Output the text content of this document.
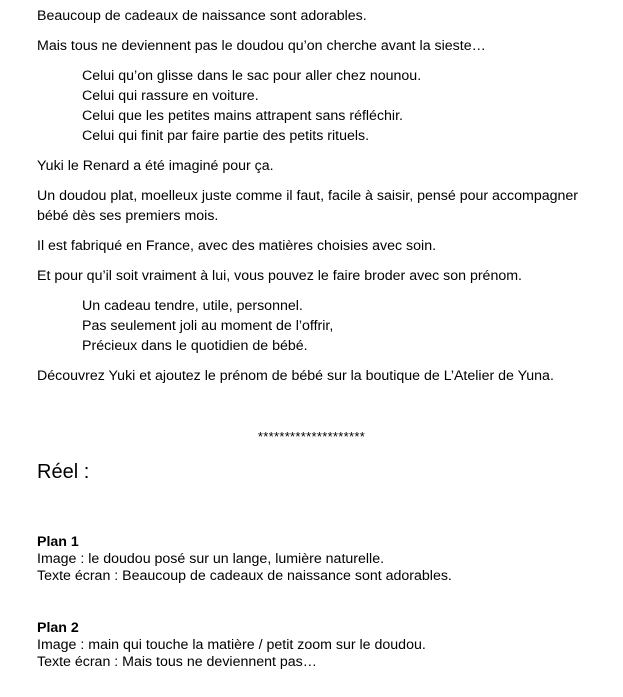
Beaucoup de cadeaux de naissance sont adorables.
Mais tous ne deviennent pas le doudou qu’on cherche avant la sieste…
Celui qu’on glisse dans le sac pour aller chez nounou.
Celui qui rassure en voiture.
Celui que les petites mains attrapent sans réfléchir.
Celui qui finit par faire partie des petits rituels.
Yuki le Renard a été imaginé pour ça.
Un doudou plat, moelleux juste comme il faut, facile à saisir, pensé pour accompagner
bébé dès ses premiers mois.
Il est fabriqué en France, avec des matières choisies avec soin.
Et pour qu’il soit vraiment à lui, vous pouvez le faire broder avec son prénom.
Un cadeau tendre, utile, personnel.
Pas seulement joli au moment de l’offrir,
Précieux dans le quotidien de bébé.
Découvrez Yuki et ajoutez le prénom de bébé sur la boutique de L’Atelier de Yuna.
********************
Réel :
Plan 1
Image : le doudou posé sur un lange, lumière naturelle.
Texte écran : Beaucoup de cadeaux de naissance sont adorables.
Plan 2
Image : main qui touche la matière / petit zoom sur le doudou.
Texte écran : Mais tous ne deviennent pas…
